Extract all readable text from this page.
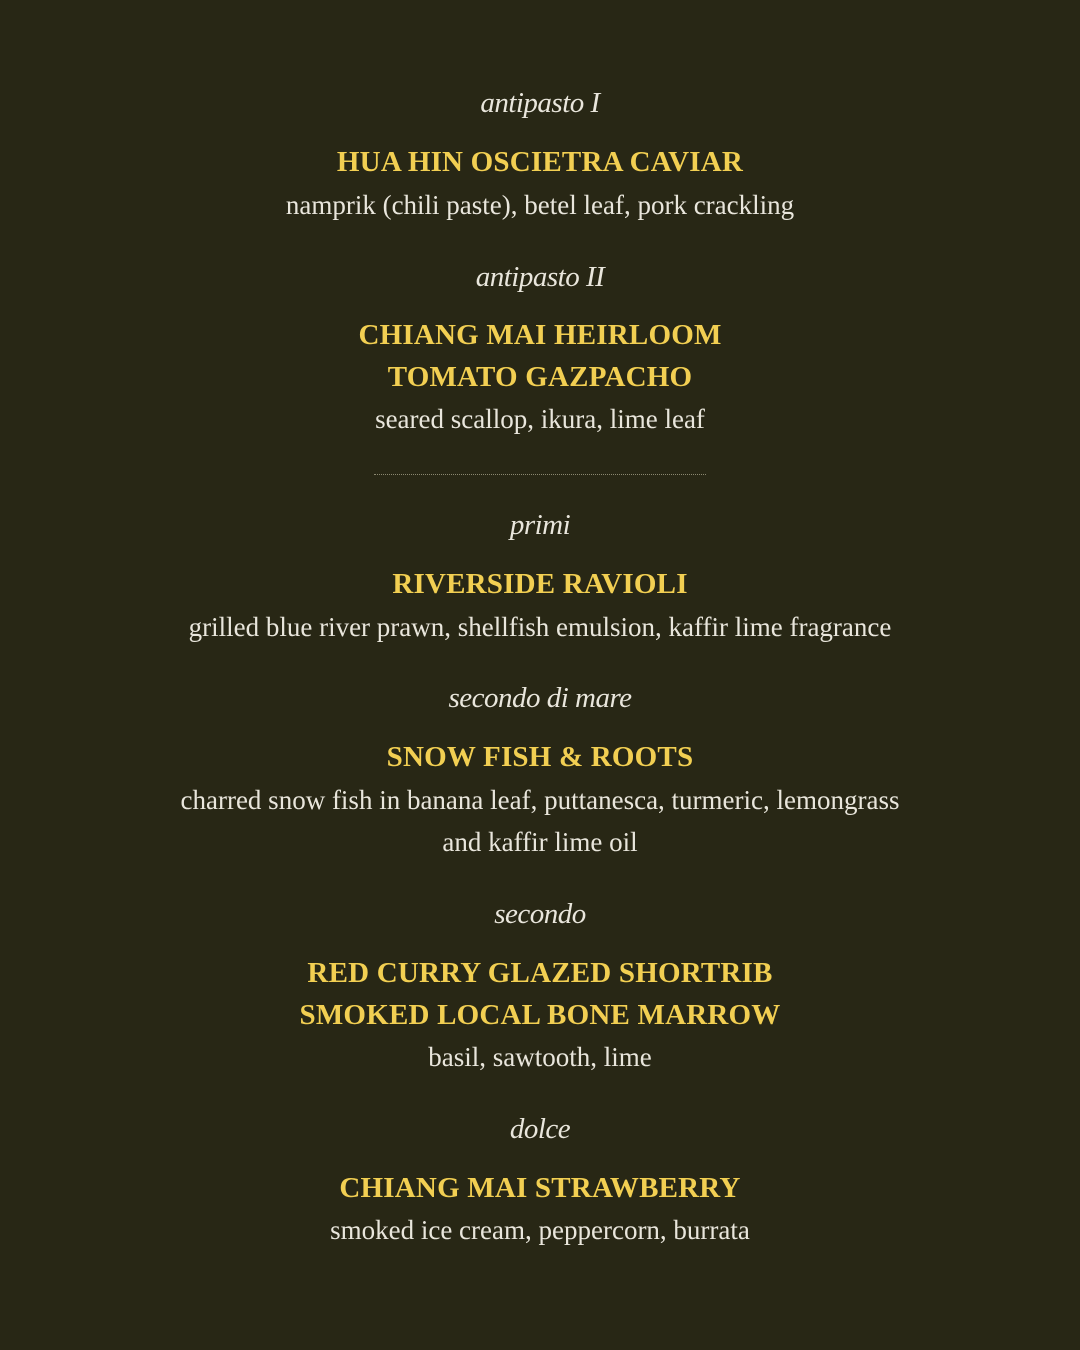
antipasto I
HUA HIN OSCIETRA CAVIAR
namprik (chili paste), betel leaf, pork crackling
antipasto II
CHIANG MAI HEIRLOOM
TOMATO GAZPACHO
seared scallop, ikura, lime leaf
primi
RIVERSIDE RAVIOLI
grilled blue river prawn, shellfish emulsion, kaffir lime fragrance
secondo di mare
SNOW FISH & ROOTS
charred snow fish in banana leaf, puttanesca, turmeric, lemongrass
and kaffir lime oil
secondo
RED CURRY GLAZED SHORTRIB
SMOKED LOCAL BONE MARROW
basil, sawtooth, lime
dolce
CHIANG MAI STRAWBERRY
smoked ice cream, peppercorn, burrata
